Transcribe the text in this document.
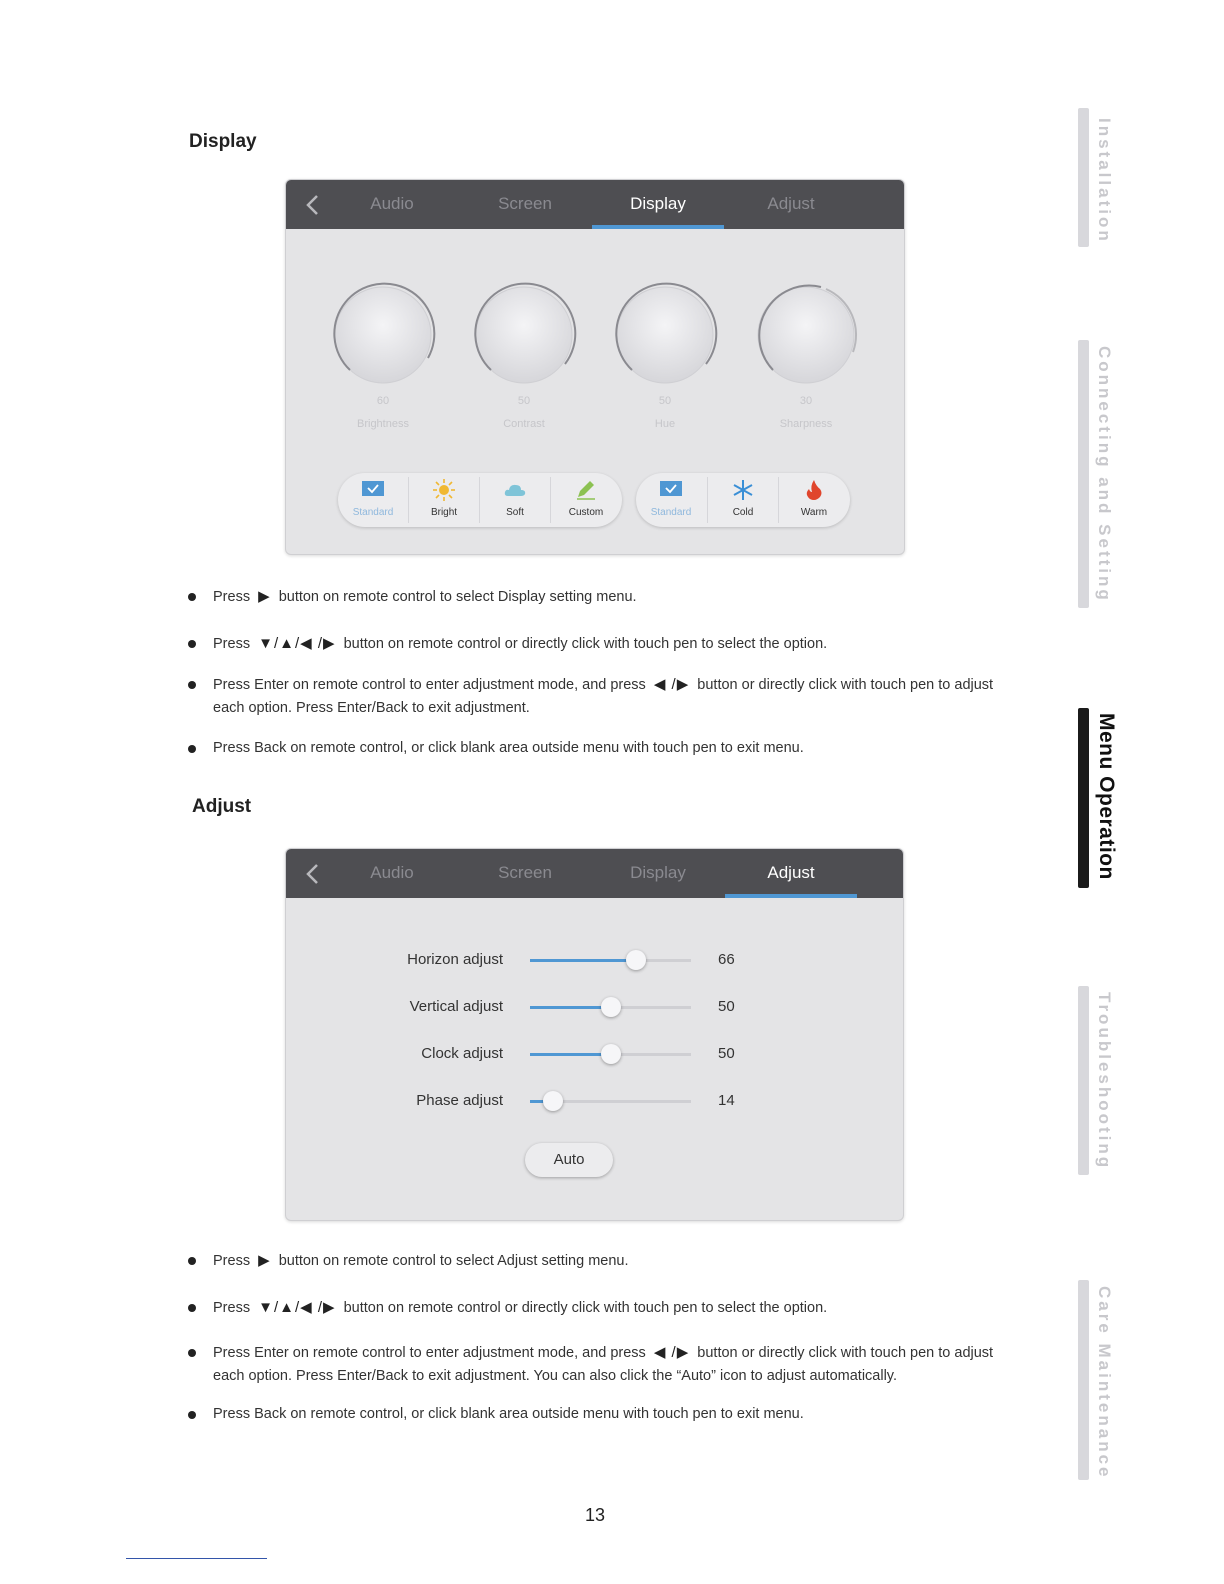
Display
Audio	Screen	Display	Adjust
60	50	50	30
Brightness	Contrast	Hue	Sharpness
Standard	Bright	Soft	Custom	Standard	Cold	Warm
Press ▶ button on remote control to select Display setting menu.
Press ▼/▲/◀ /▶ button on remote control or directly click with touch pen to select the option.
Press Enter on remote control to enter adjustment mode, and press ◀ /▶ button or directly click with touch pen to adjust each option. Press Enter/Back to exit adjustment.
Press Back on remote control, or click blank area outside menu with touch pen to exit menu.
Adjust
Audio	Screen	Display	Adjust
Horizon adjust	66
Vertical adjust	50
Clock adjust	50
Phase adjust	14
Auto
Press ▶ button on remote control to select Adjust setting menu.
Press ▼/▲/◀ /▶ button on remote control or directly click with touch pen to select the option.
Press Enter on remote control to enter adjustment mode, and press ◀ /▶ button or directly click with touch pen to adjust each option. Press Enter/Back to exit adjustment. You can also click the “Auto” icon to adjust automatically.
Press Back on remote control, or click blank area outside menu with touch pen to exit menu.
Installation
Connecting and Setting
Menu Operation
Troubleshooting
Care Maintenance
13
